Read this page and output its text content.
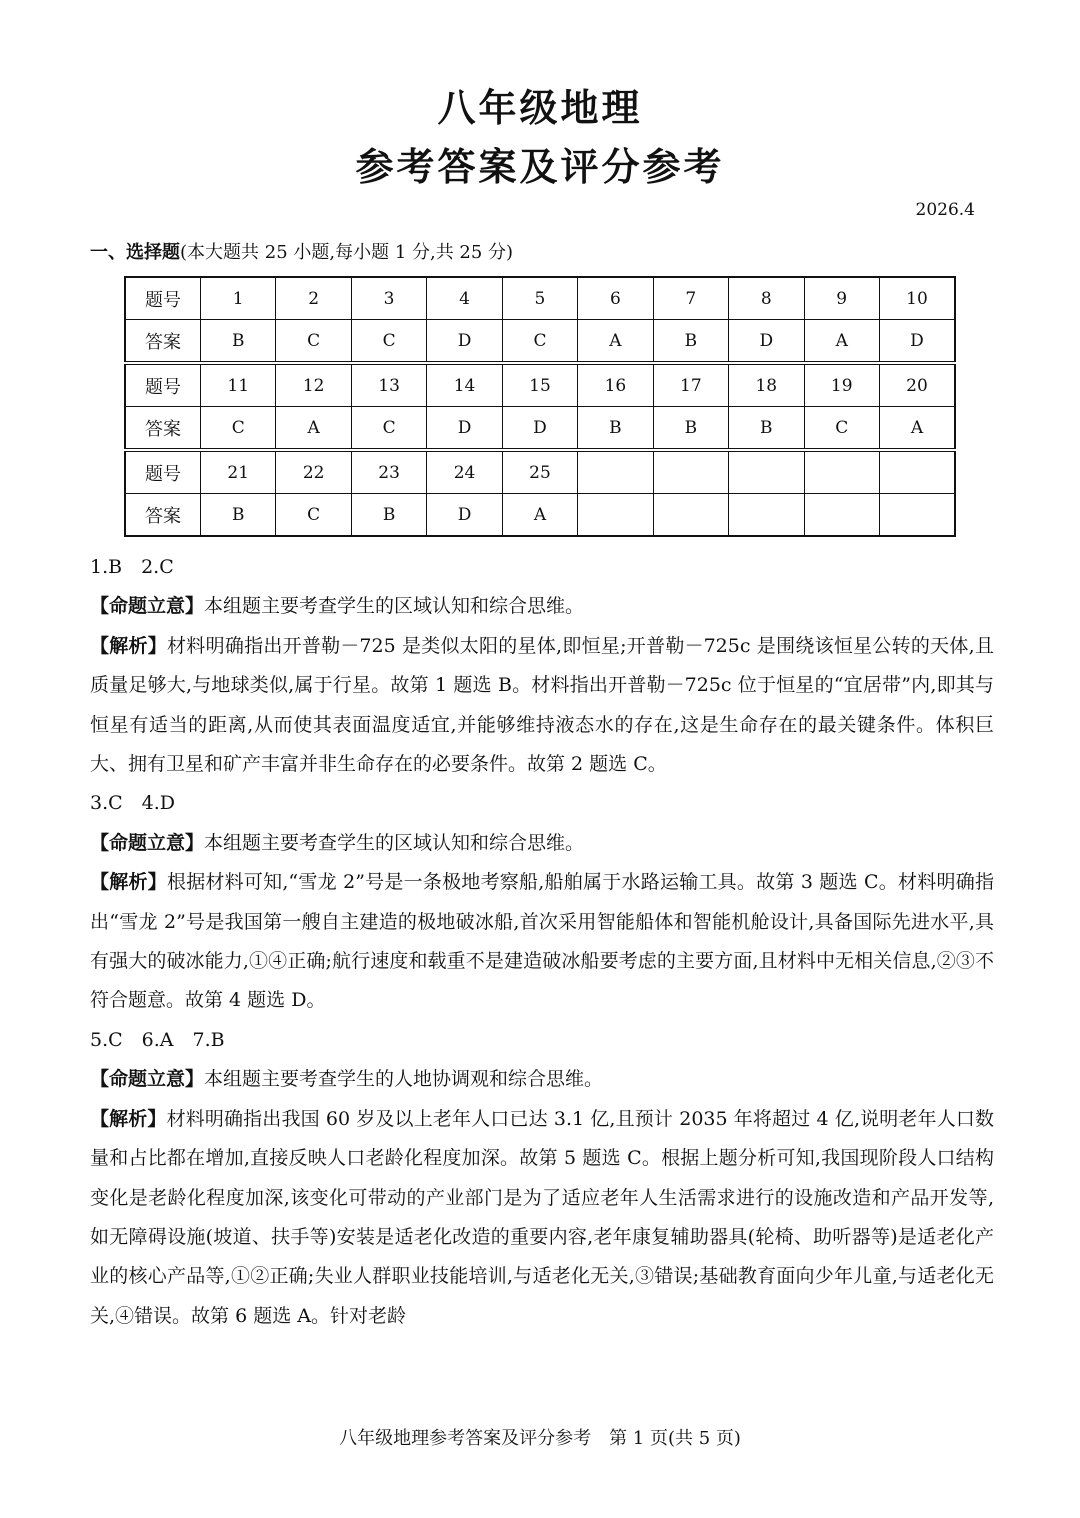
八年级地理
参考答案及评分参考
2026.4
一、选择题(本大题共 25 小题,每小题 1 分,共 25 分)
题号	1	2	3	4	5	6	7	8	9	10
答案	B	C	C	D	C	A	B	D	A	D
题号	11	12	13	14	15	16	17	18	19	20
答案	C	A	C	D	D	B	B	B	C	A
题号	21	22	23	24	25					
答案	B	C	B	D	A					

1.B　2.C

【命题立意】本组题主要考查学生的区域认知和综合思维。

【解析】材料明确指出开普勒－725 是类似太阳的星体,即恒星;开普勒－725c 是围绕该恒星公转的天体,且质量足够大,与地球类似,属于行星。故第 1 题选 B。材料指出开普勒－725c 位于恒星的“宜居带”内,即其与恒星有适当的距离,从而使其表面温度适宜,并能够维持液态水的存在,这是生命存在的最关键条件。体积巨大、拥有卫星和矿产丰富并非生命存在的必要条件。故第 2 题选 C。

3.C　4.D

【命题立意】本组题主要考查学生的区域认知和综合思维。

【解析】根据材料可知,“雪龙 2”号是一条极地考察船,船舶属于水路运输工具。故第 3 题选 C。材料明确指出“雪龙 2”号是我国第一艘自主建造的极地破冰船,首次采用智能船体和智能机舱设计,具备国际先进水平,具有强大的破冰能力,①④正确;航行速度和载重不是建造破冰船要考虑的主要方面,且材料中无相关信息,②③不符合题意。故第 4 题选 D。

5.C　6.A　7.B

【命题立意】本组题主要考查学生的人地协调观和综合思维。

【解析】材料明确指出我国 60 岁及以上老年人口已达 3.1 亿,且预计 2035 年将超过 4 亿,说明老年人口数量和占比都在增加,直接反映人口老龄化程度加深。故第 5 题选 C。根据上题分析可知,我国现阶段人口结构变化是老龄化程度加深,该变化可带动的产业部门是为了适应老年人生活需求进行的设施改造和产品开发等,如无障碍设施(坡道、扶手等)安装是适老化改造的重要内容,老年康复辅助器具(轮椅、助听器等)是适老化产业的核心产品等,①②正确;失业人群职业技能培训,与适老化无关,③错误;基础教育面向少年儿童,与适老化无关,④错误。故第 6 题选 A。针对老龄

八年级地理参考答案及评分参考　第 1 页(共 5 页)
